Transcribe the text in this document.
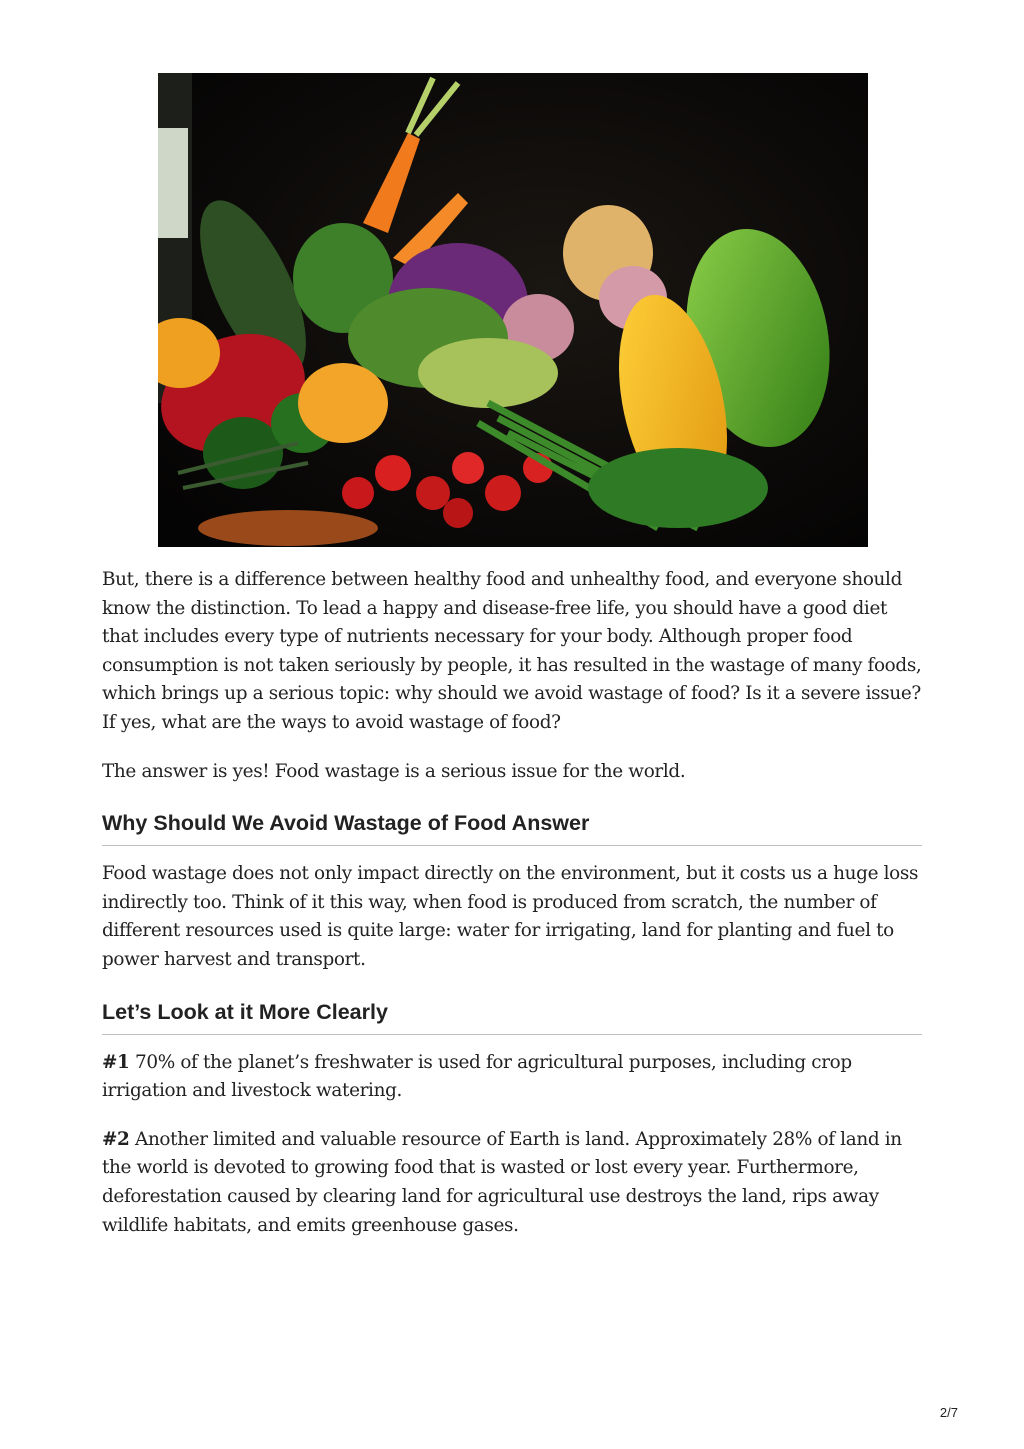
But, there is a difference between healthy food and unhealthy food, and everyone should know the distinction. To lead a happy and disease-free life, you should have a good diet that includes every type of nutrients necessary for your body. Although proper food consumption is not taken seriously by people, it has resulted in the wastage of many foods, which brings up a serious topic: why should we avoid wastage of food? Is it a severe issue? If yes, what are the ways to avoid wastage of food?

The answer is yes! Food wastage is a serious issue for the world.

Why Should We Avoid Wastage of Food Answer

Food wastage does not only impact directly on the environment, but it costs us a huge loss indirectly too. Think of it this way, when food is produced from scratch, the number of different resources used is quite large: water for irrigating, land for planting and fuel to power harvest and transport.

Let’s Look at it More Clearly

#1 70% of the planet’s freshwater is used for agricultural purposes, including crop irrigation and livestock watering.

#2 Another limited and valuable resource of Earth is land. Approximately 28% of land in the world is devoted to growing food that is wasted or lost every year. Furthermore, deforestation caused by clearing land for agricultural use destroys the land, rips away wildlife habitats, and emits greenhouse gases.

2/7
